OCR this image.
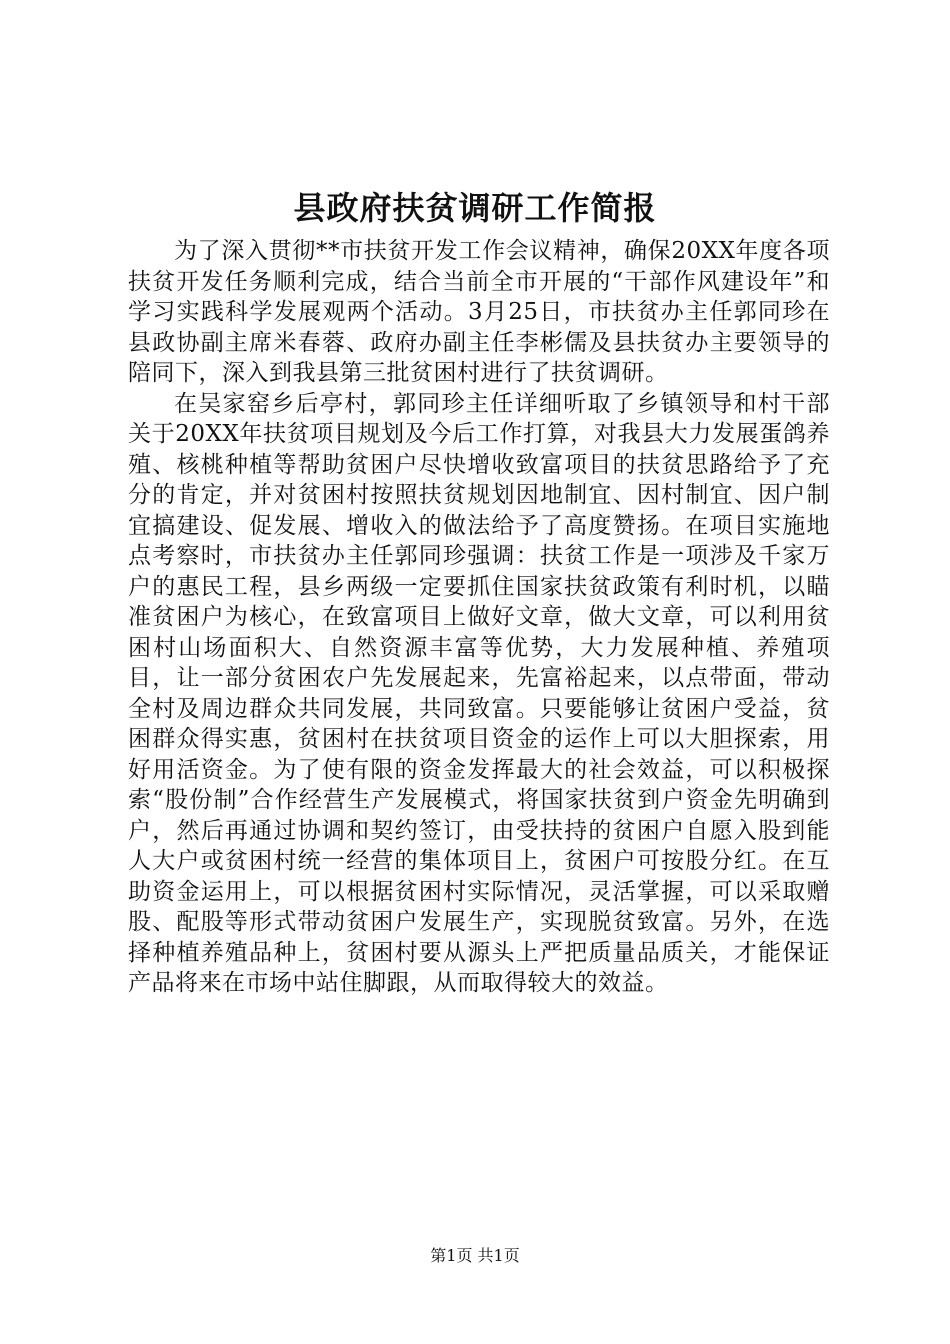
县政府扶贫调研工作简报

为了深入贯彻**市扶贫开发工作会议精神，确保20XX年度各项扶贫开发任务顺利完成，结合当前全市开展的“干部作风建设年”和学习实践科学发展观两个活动。3月25日，市扶贫办主任郭同珍在县政协副主席米春蓉、政府办副主任李彬儒及县扶贫办主要领导的陪同下，深入到我县第三批贫困村进行了扶贫调研。

在吴家窑乡后亭村，郭同珍主任详细听取了乡镇领导和村干部关于20XX年扶贫项目规划及今后工作打算，对我县大力发展蛋鸽养殖、核桃种植等帮助贫困户尽快增收致富项目的扶贫思路给予了充分的肯定，并对贫困村按照扶贫规划因地制宜、因村制宜、因户制宜搞建设、促发展、增收入的做法给予了高度赞扬。在项目实施地点考察时，市扶贫办主任郭同珍强调：扶贫工作是一项涉及千家万户的惠民工程，县乡两级一定要抓住国家扶贫政策有利时机，以瞄准贫困户为核心，在致富项目上做好文章，做大文章，可以利用贫困村山场面积大、自然资源丰富等优势，大力发展种植、养殖项目，让一部分贫困农户先发展起来，先富裕起来，以点带面，带动全村及周边群众共同发展，共同致富。只要能够让贫困户受益，贫困群众得实惠，贫困村在扶贫项目资金的运作上可以大胆探索，用好用活资金。为了使有限的资金发挥最大的社会效益，可以积极探索“股份制”合作经营生产发展模式，将国家扶贫到户资金先明确到户，然后再通过协调和契约签订，由受扶持的贫困户自愿入股到能人大户或贫困村统一经营的集体项目上，贫困户可按股分红。在互助资金运用上，可以根据贫困村实际情况，灵活掌握，可以采取赠股、配股等形式带动贫困户发展生产，实现脱贫致富。另外，在选择种植养殖品种上，贫困村要从源头上严把质量品质关，才能保证产品将来在市场中站住脚跟，从而取得较大的效益。

第1页 共1页
